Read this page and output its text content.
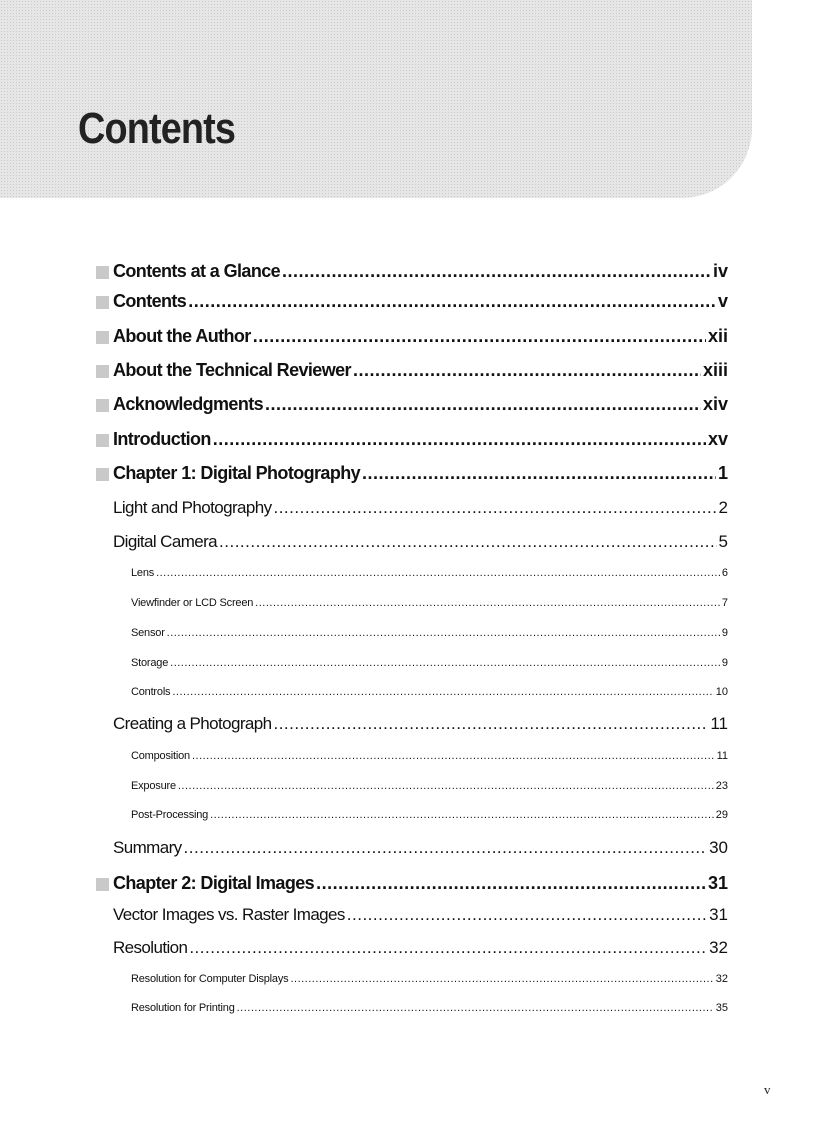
Contents
Contents at a Glance .....	iv
Contents .....	v
About the Author .....	xii
About the Technical Reviewer .....	xiii
Acknowledgments .....	xiv
Introduction .....	xv
Chapter 1: Digital Photography .....	1
Light and Photography .....	2
Digital Camera .....	5
Lens .....	6
Viewfinder or LCD Screen .....	7
Sensor .....	9
Storage .....	9
Controls .....	10
Creating a Photograph .....	11
Composition .....	11
Exposure .....	23
Post-Processing .....	29
Summary .....	30
Chapter 2: Digital Images .....	31
Vector Images vs. Raster Images .....	31
Resolution .....	32
Resolution for Computer Displays .....	32
Resolution for Printing .....	35
v
